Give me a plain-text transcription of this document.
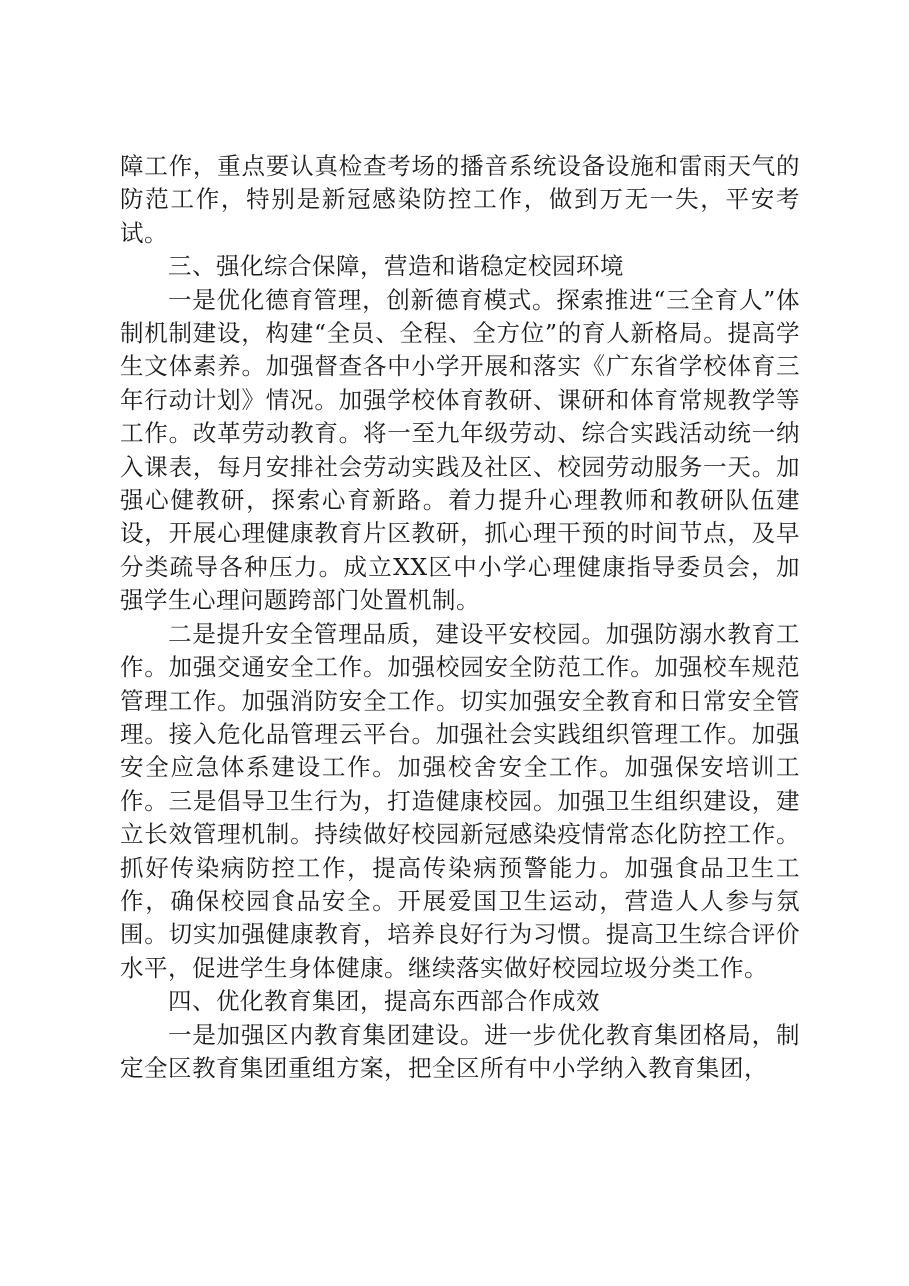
障工作，重点要认真检查考场的播音系统设备设施和雷雨天气的防范工作，特别是新冠感染防控工作，做到万无一失，平安考试。

三、强化综合保障，营造和谐稳定校园环境

一是优化德育管理，创新德育模式。探索推进“三全育人”体制机制建设，构建“全员、全程、全方位”的育人新格局。提高学生文体素养。加强督查各中小学开展和落实《广东省学校体育三年行动计划》情况。加强学校体育教研、课研和体育常规教学等工作。改革劳动教育。将一至九年级劳动、综合实践活动统一纳入课表，每月安排社会劳动实践及社区、校园劳动服务一天。加强心健教研，探索心育新路。着力提升心理教师和教研队伍建设，开展心理健康教育片区教研，抓心理干预的时间节点，及早分类疏导各种压力。成立XX区中小学心理健康指导委员会，加强学生心理问题跨部门处置机制。

二是提升安全管理品质，建设平安校园。加强防溺水教育工作。加强交通安全工作。加强校园安全防范工作。加强校车规范管理工作。加强消防安全工作。切实加强安全教育和日常安全管理。接入危化品管理云平台。加强社会实践组织管理工作。加强安全应急体系建设工作。加强校舍安全工作。加强保安培训工作。三是倡导卫生行为，打造健康校园。加强卫生组织建设，建立长效管理机制。持续做好校园新冠感染疫情常态化防控工作。抓好传染病防控工作，提高传染病预警能力。加强食品卫生工作，确保校园食品安全。开展爱国卫生运动，营造人人参与氛围。切实加强健康教育，培养良好行为习惯。提高卫生综合评价水平，促进学生身体健康。继续落实做好校园垃圾分类工作。

四、优化教育集团，提高东西部合作成效

一是加强区内教育集团建设。进一步优化教育集团格局，制定全区教育集团重组方案，把全区所有中小学纳入教育集团，
